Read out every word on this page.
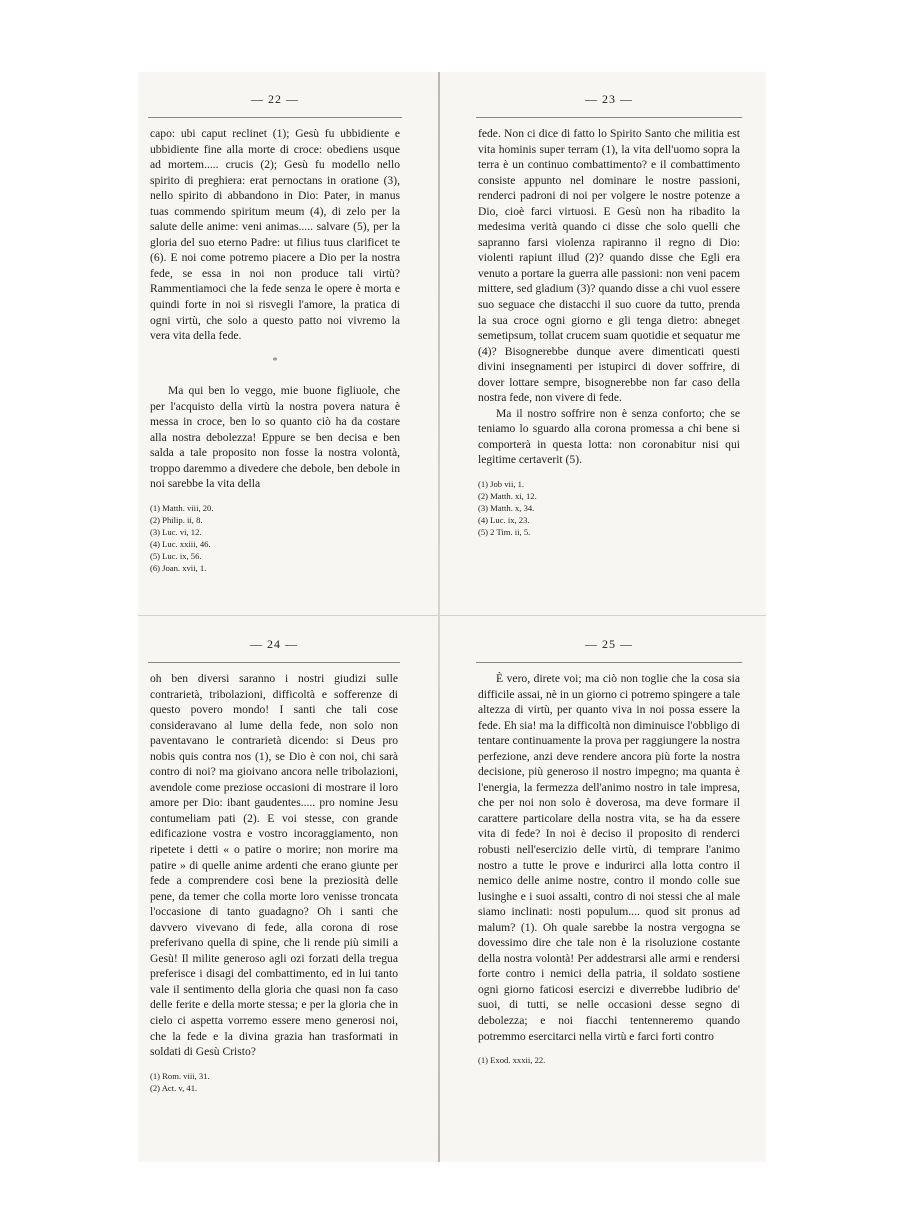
— 22 —

capo: ubi caput reclinet (1); Gesù fu ubbidiente e ubbidiente fine alla morte di croce: obediens usque ad mortem..... crucis (2); Gesù fu modello nello spirito di preghiera: erat pernoctans in oratione (3), nello spirito di abbandono in Dio: Pater, in manus tuas commendo spiritum meum (4), di zelo per la salute delle anime: veni animas..... salvare (5), per la gloria del suo eterno Padre: ut filius tuus clarificet te (6). E noi come potremo piacere a Dio per la nostra fede, se essa in noi non produce tali virtù? Rammentiamoci che la fede senza le opere è morta e quindi forte in noi si risvegli l'amore, la pratica di ogni virtù, che solo a questo patto noi vivremo la vera vita della fede.

*

Ma qui ben lo veggo, mie buone figliuole, che per l'acquisto della virtù la nostra povera natura è messa in croce, ben lo so quanto ciò ha da costare alla nostra debolezza! Eppure se ben decisa e ben salda a tale proposito non fosse la nostra volontà, troppo daremmo a divedere che debole, ben debole in noi sarebbe la vita della

(1) Matth. viii, 20.
(2) Philip. ii, 8.
(3) Luc. vi, 12.
(4) Luc. xxiii, 46.
(5) Luc. ix, 56.
(6) Joan. xvii, 1.
— 23 —

fede. Non ci dice di fatto lo Spirito Santo che militia est vita hominis super terram (1), la vita dell'uomo sopra la terra è un continuo combattimento? e il combattimento consiste appunto nel dominare le nostre passioni, renderci padroni di noi per volgere le nostre potenze a Dio, cioè farci virtuosi. E Gesù non ha ribadito la medesima verità quando ci disse che solo quelli che sapranno farsi violenza rapiranno il regno di Dio: violenti rapiunt illud (2)? quando disse che Egli era venuto a portare la guerra alle passioni: non veni pacem mittere, sed gladium (3)? quando disse a chi vuol essere suo seguace che distacchi il suo cuore da tutto, prenda la sua croce ogni giorno e gli tenga dietro: abneget semetipsum, tollat crucem suam quotidie et sequatur me (4)? Bisognerebbe dunque avere dimenticati questi divini insegnamenti per istupirci di dover soffrire, di dover lottare sempre, bisognerebbe non far caso della nostra fede, non vivere di fede.

Ma il nostro soffrire non è senza conforto; che se teniamo lo sguardo alla corona promessa a chi bene si comporterà in questa lotta: non coronabitur nisi qui legitime certaverit (5).

(1) Job vii, 1.
(2) Matth. xi, 12.
(3) Matth. x, 34.
(4) Luc. ix, 23.
(5) 2 Tim. ii, 5.
— 24 —

oh ben diversi saranno i nostri giudizi sulle contrarietà, tribolazioni, difficoltà e sofferenze di questo povero mondo! I santi che tali cose consideravano al lume della fede, non solo non paventavano le contrarietà dicendo: si Deus pro nobis quis contra nos (1), se Dio è con noi, chi sarà contro di noi? ma gioivano ancora nelle tribolazioni, avendole come preziose occasioni di mostrare il loro amore per Dio: ibant gaudentes..... pro nomine Jesu contumeliam pati (2). E voi stesse, con grande edificazione vostra e vostro incoraggiamento, non ripetete i detti « o patire o morire; non morire ma patire » di quelle anime ardenti che erano giunte per fede a comprendere così bene la preziosità delle pene, da temer che colla morte loro venisse troncata l'occasione di tanto guadagno? Oh i santi che davvero vivevano di fede, alla corona di rose preferivano quella di spine, che li rende più simili a Gesù! Il milite generoso agli ozi forzati della tregua preferisce i disagi del combattimento, ed in lui tanto vale il sentimento della gloria che quasi non fa caso delle ferite e della morte stessa; e per la gloria che in cielo ci aspetta vorremo essere meno generosi noi, che la fede e la divina grazia han trasformati in soldati di Gesù Cristo?

(1) Rom. viii, 31.
(2) Act. v, 41.
— 25 —

È vero, direte voi; ma ciò non toglie che la cosa sia difficile assai, nè in un giorno ci potremo spingere a tale altezza di virtù, per quanto viva in noi possa essere la fede. Eh sia! ma la difficoltà non diminuisce l'obbligo di tentare continuamente la prova per raggiungere la nostra perfezione, anzi deve rendere ancora più forte la nostra decisione, più generoso il nostro impegno; ma quanta è l'energia, la fermezza dell'animo nostro in tale impresa, che per noi non solo è doverosa, ma deve formare il carattere particolare della nostra vita, se ha da essere vita di fede? In noi è deciso il proposito di renderci robusti nell'esercizio delle virtù, di temprare l'animo nostro a tutte le prove e indurirci alla lotta contro il nemico delle anime nostre, contro il mondo colle sue lusinghe e i suoi assalti, contro di noi stessi che al male siamo inclinati: nosti populum.... quod sit pronus ad malum? (1). Oh quale sarebbe la nostra vergogna se dovessimo dire che tale non è la risoluzione costante della nostra volontà! Per addestrarsi alle armi e rendersi forte contro i nemici della patria, il soldato sostiene ogni giorno faticosi esercizi e diverrebbe ludibrio de' suoi, di tutti, se nelle occasioni desse segno di debolezza; e noi fiacchi tentenneremo quando potremmo esercitarci nella virtù e farci forti contro

(1) Exod. xxxii, 22.
